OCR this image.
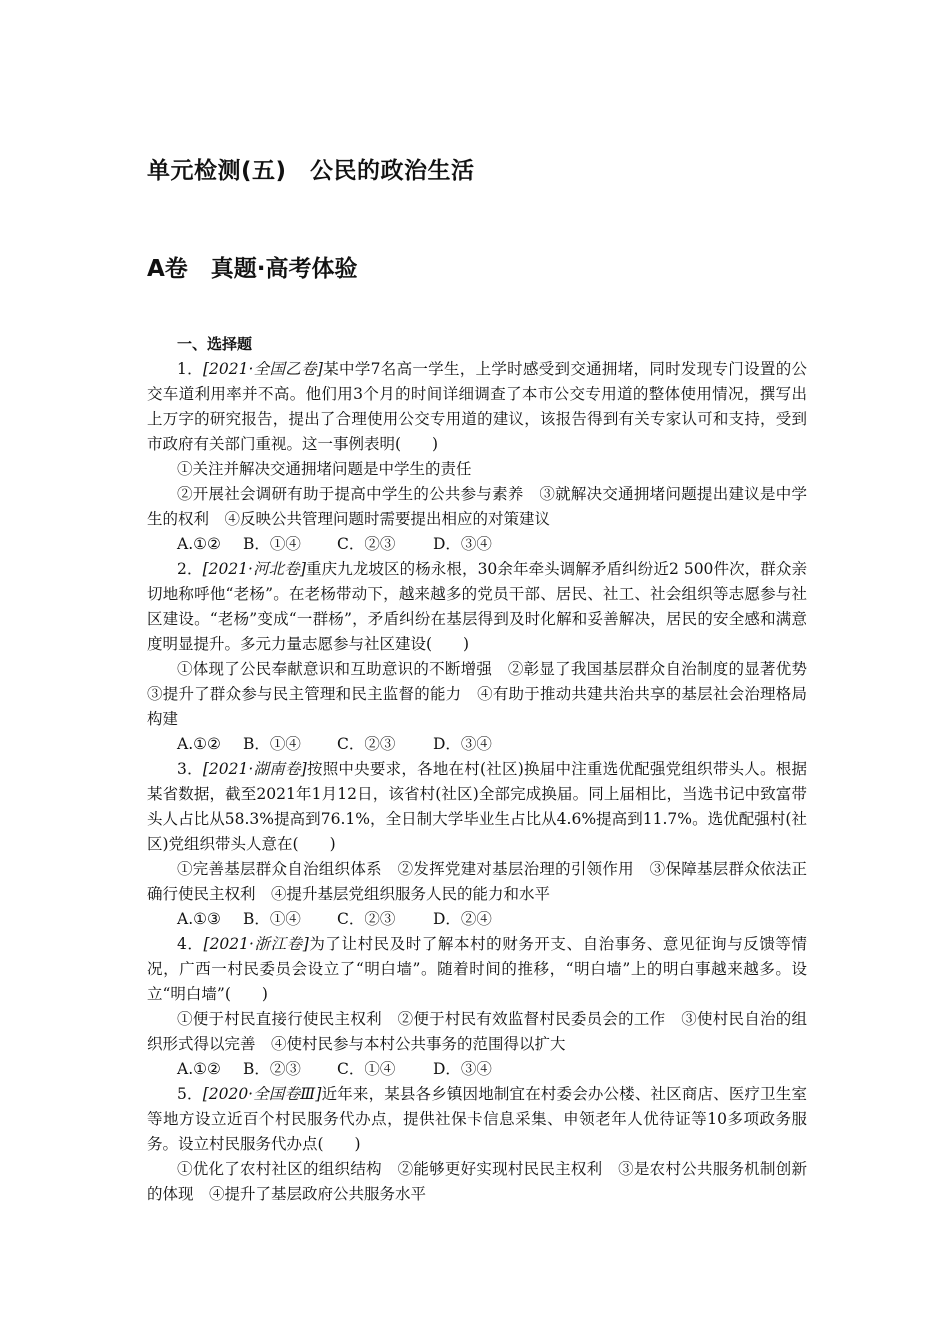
单元检测(五)　公民的政治生活
A卷　真题·高考体验

一、选择题

1．[2021·全国乙卷]某中学7名高一学生，上学时感受到交通拥堵，同时发现专门设置的公交车道利用率并不高。他们用3个月的时间详细调查了本市公交专用道的整体使用情况，撰写出上万字的研究报告，提出了合理使用公交专用道的建议，该报告得到有关专家认可和支持，受到市政府有关部门重视。这一事例表明(　　)

①关注并解决交通拥堵问题是中学生的责任

②开展社会调研有助于提高中学生的公共参与素养　③就解决交通拥堵问题提出建议是中学生的权利　④反映公共管理问题时需要提出相应的对策建议

A.①②	B．①④	C．②③	D．③④

2．[2021·河北卷]重庆九龙坡区的杨永根，30余年牵头调解矛盾纠纷近2 500件次，群众亲切地称呼他“老杨”。在老杨带动下，越来越多的党员干部、居民、社工、社会组织等志愿参与社区建设。“老杨”变成“一群杨”，矛盾纠纷在基层得到及时化解和妥善解决，居民的安全感和满意度明显提升。多元力量志愿参与社区建设(　　)

①体现了公民奉献意识和互助意识的不断增强　②彰显了我国基层群众自治制度的显著优势　③提升了群众参与民主管理和民主监督的能力　④有助于推动共建共治共享的基层社会治理格局构建

A.①②	B．①④	C．②③	D．③④

3．[2021·湖南卷]按照中央要求，各地在村(社区)换届中注重选优配强党组织带头人。根据某省数据，截至2021年1月12日，该省村(社区)全部完成换届。同上届相比，当选书记中致富带头人占比从58.3%提高到76.1%，全日制大学毕业生占比从4.6%提高到11.7%。选优配强村(社区)党组织带头人意在(　　)

①完善基层群众自治组织体系　②发挥党建对基层治理的引领作用　③保障基层群众依法正确行使民主权利　④提升基层党组织服务人民的能力和水平

A.①③	B．①④	C．②③	D．②④

4．[2021·浙江卷]为了让村民及时了解本村的财务开支、自治事务、意见征询与反馈等情况，广西一村民委员会设立了“明白墙”。随着时间的推移，“明白墙”上的明白事越来越多。设立“明白墙”(　　)

①便于村民直接行使民主权利　②便于村民有效监督村民委员会的工作　③使村民自治的组织形式得以完善　④使村民参与本村公共事务的范围得以扩大

A.①②	B．②③	C．①④	D．③④

5．[2020·全国卷Ⅲ]近年来，某县各乡镇因地制宜在村委会办公楼、社区商店、医疗卫生室等地方设立近百个村民服务代办点，提供社保卡信息采集、申领老年人优待证等10多项政务服务。设立村民服务代办点(　　)

①优化了农村社区的组织结构　②能够更好实现村民民主权利　③是农村公共服务机制创新的体现　④提升了基层政府公共服务水平
